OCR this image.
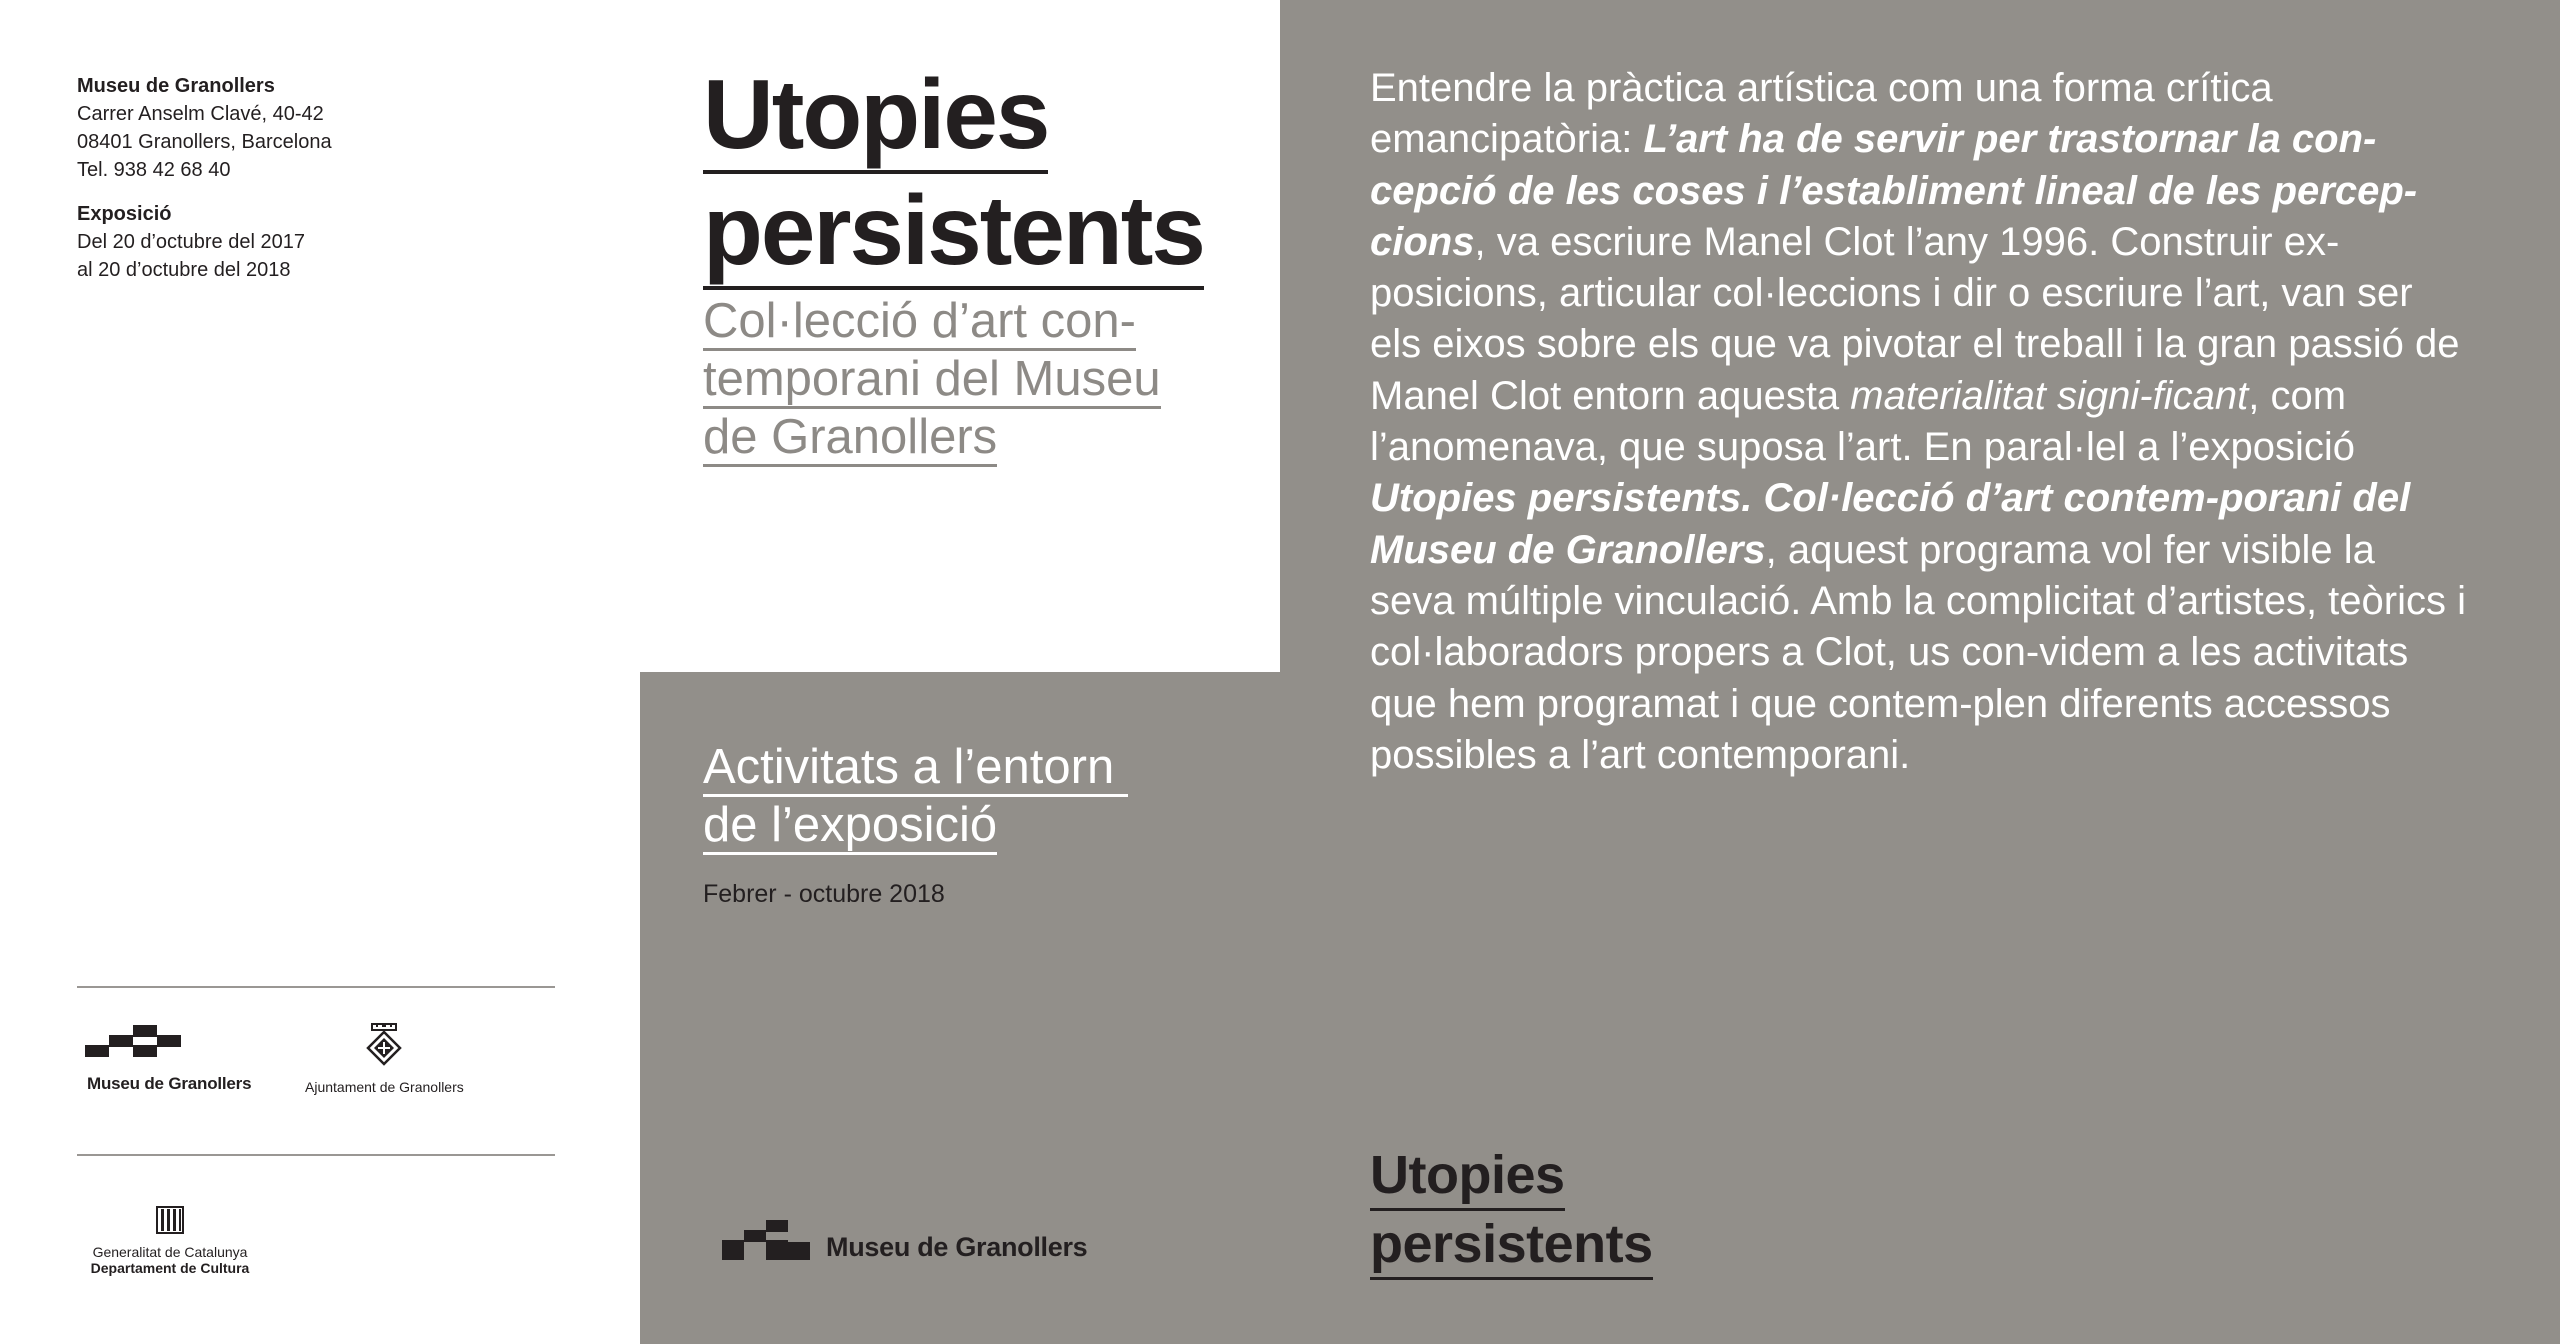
Museu de Granollers

Carrer Anselm Clavé, 40-42

08401 Granollers, Barcelona

Tel. 938 42 68 40

Exposició

Del 20 d’octubre del 2017

al 20 d’octubre del 2018

Museu de Granollers	Ajuntament de Granollers
Generalitat de Catalunya
Departament de Cultura
Utopies
persistents
Col·lecció d’art con-
temporani del Museu
de Granollers
Activitats a l’entorn
de l’exposició
Febrer - octubre 2018
Museu de Granollers

Entendre la pràctica artística com una forma crítica emancipatòria: L’art ha de servir per trastornar la con-cepció de les coses i l’establiment lineal de les percep-cions, va escriure Manel Clot l’any 1996. Construir ex-posicions, articular col·leccions i dir o escriure l’art, van ser els eixos sobre els que va pivotar el treball i la gran passió de Manel Clot entorn aquesta materialitat signi-ficant, com l’anomenava, que suposa l’art. En paral·lel a l’exposició Utopies persistents. Col·lecció d’art contem-porani del Museu de Granollers, aquest programa vol fer visible la seva múltiple vinculació. Amb la complicitat d’artistes, teòrics i col·laboradors propers a Clot, us con-videm a les activitats que hem programat i que contem-plen diferents accessos possibles a l’art contemporani.

Utopies
persistents
